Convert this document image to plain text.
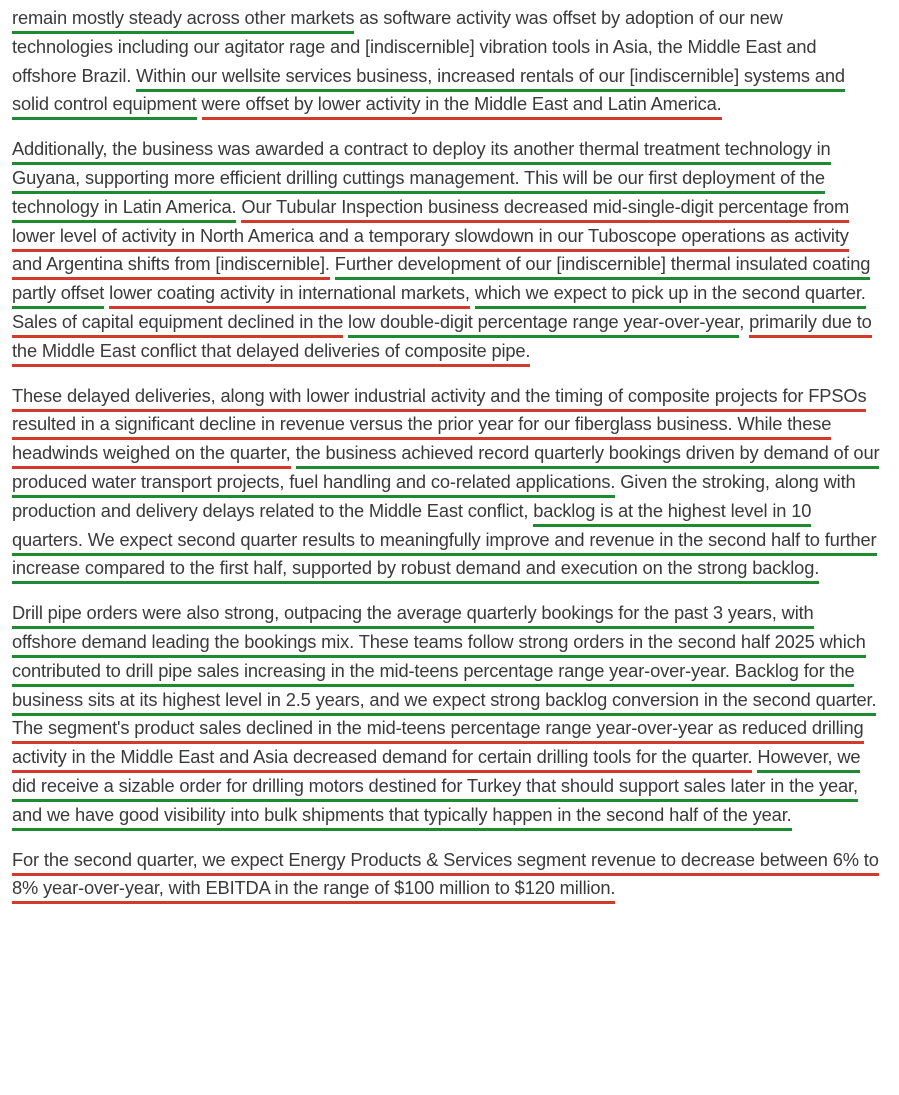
remain mostly steady across other markets as software activity was offset by adoption of our new technologies including our agitator rage and [indiscernible] vibration tools in Asia, the Middle East and offshore Brazil. Within our wellsite services business, increased rentals of our [indiscernible] systems and solid control equipment were offset by lower activity in the Middle East and Latin America.

Additionally, the business was awarded a contract to deploy its another thermal treatment technology in Guyana, supporting more efficient drilling cuttings management. This will be our first deployment of the technology in Latin America. Our Tubular Inspection business decreased mid-single-digit percentage from lower level of activity in North America and a temporary slowdown in our Tuboscope operations as activity and Argentina shifts from [indiscernible]. Further development of our [indiscernible] thermal insulated coating partly offset lower coating activity in international markets, which we expect to pick up in the second quarter. Sales of capital equipment declined in the low double-digit percentage range year-over-year, primarily due to the Middle East conflict that delayed deliveries of composite pipe.

These delayed deliveries, along with lower industrial activity and the timing of composite projects for FPSOs resulted in a significant decline in revenue versus the prior year for our fiberglass business. While these headwinds weighed on the quarter, the business achieved record quarterly bookings driven by demand of our produced water transport projects, fuel handling and co-related applications. Given the stroking, along with production and delivery delays related to the Middle East conflict, backlog is at the highest level in 10 quarters. We expect second quarter results to meaningfully improve and revenue in the second half to further increase compared to the first half, supported by robust demand and execution on the strong backlog.

Drill pipe orders were also strong, outpacing the average quarterly bookings for the past 3 years, with offshore demand leading the bookings mix. These teams follow strong orders in the second half 2025 which contributed to drill pipe sales increasing in the mid-teens percentage range year-over-year. Backlog for the business sits at its highest level in 2.5 years, and we expect strong backlog conversion in the second quarter. The segment's product sales declined in the mid-teens percentage range year-over-year as reduced drilling activity in the Middle East and Asia decreased demand for certain drilling tools for the quarter. However, we did receive a sizable order for drilling motors destined for Turkey that should support sales later in the year, and we have good visibility into bulk shipments that typically happen in the second half of the year.

For the second quarter, we expect Energy Products & Services segment revenue to decrease between 6% to 8% year-over-year, with EBITDA in the range of $100 million to $120 million.
